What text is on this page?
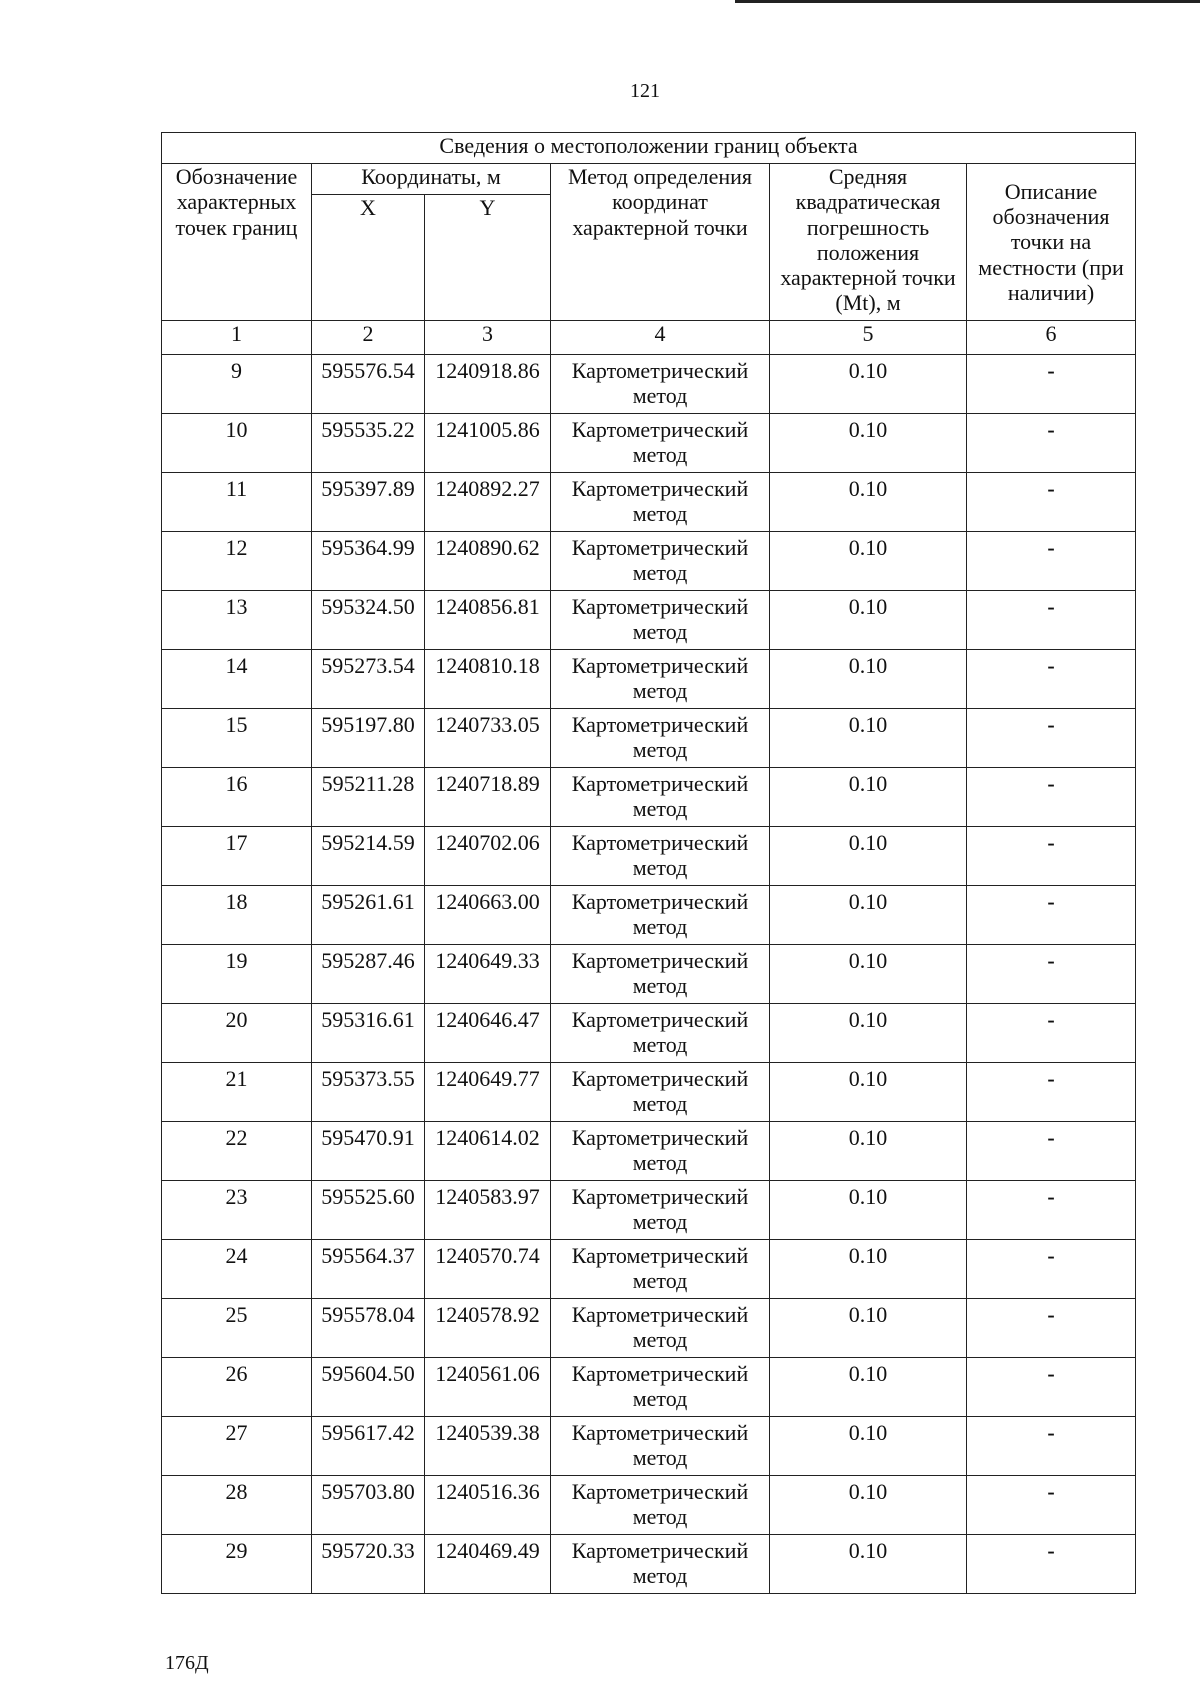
121
Сведения о местоположении границ объекта					
Обозначение характерных точек границ	Координаты, м		Метод определения координат характерной точки	Средняя квадратическая погрешность положения характерной точки (Mt), м	Описание обозначения точки на местности (при наличии)
	X	Y			
1	2	3	4	5	6
9	595576.54	1240918.86	Картометрический метод	0.10	-
10	595535.22	1241005.86	Картометрический метод	0.10	-
11	595397.89	1240892.27	Картометрический метод	0.10	-
12	595364.99	1240890.62	Картометрический метод	0.10	-
13	595324.50	1240856.81	Картометрический метод	0.10	-
14	595273.54	1240810.18	Картометрический метод	0.10	-
15	595197.80	1240733.05	Картометрический метод	0.10	-
16	595211.28	1240718.89	Картометрический метод	0.10	-
17	595214.59	1240702.06	Картометрический метод	0.10	-
18	595261.61	1240663.00	Картометрический метод	0.10	-
19	595287.46	1240649.33	Картометрический метод	0.10	-
20	595316.61	1240646.47	Картометрический метод	0.10	-
21	595373.55	1240649.77	Картометрический метод	0.10	-
22	595470.91	1240614.02	Картометрический метод	0.10	-
23	595525.60	1240583.97	Картометрический метод	0.10	-
24	595564.37	1240570.74	Картометрический метод	0.10	-
25	595578.04	1240578.92	Картометрический метод	0.10	-
26	595604.50	1240561.06	Картометрический метод	0.10	-
27	595617.42	1240539.38	Картометрический метод	0.10	-
28	595703.80	1240516.36	Картометрический метод	0.10	-
29	595720.33	1240469.49	Картометрический метод	0.10	-
176Д
